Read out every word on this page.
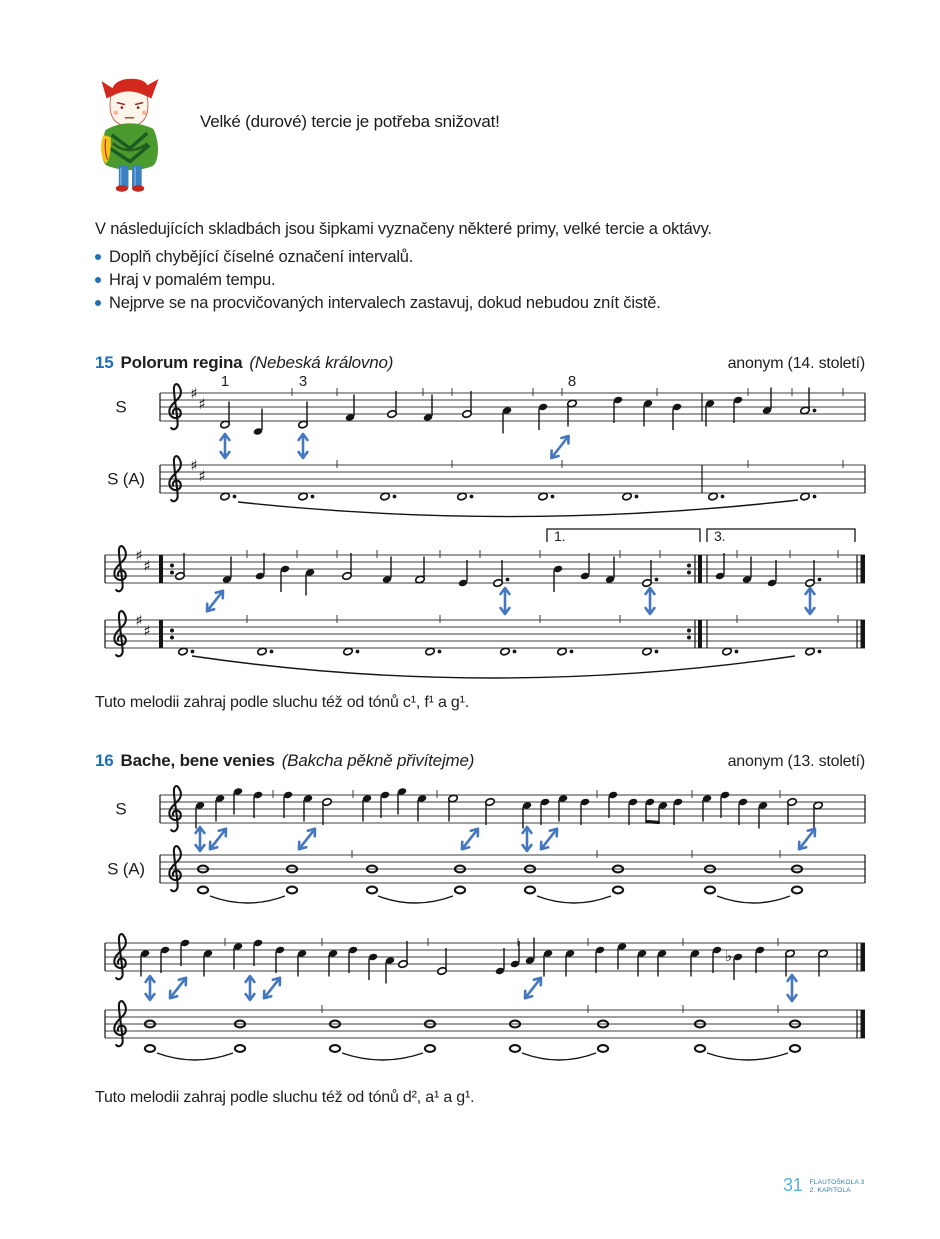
Velké (durové) tercie je potřeba snižovat!
V následujících skladbách jsou šipkami vyznačeny některé primy, velké tercie a oktávy.
Doplň chybějící číselné označení intervalů.
Hraj v pomalém tempu.
Nejprve se na procvičovaných intervalech zastavuj, dokud nebudou znít čistě.
15 Polorum regina (Nebeská královno)	anonym (14. století)
♯
♯
S
1	3	8
♯
♯
S (A)
♯
♯
♯
♯
1.	3.
Tuto melodii zahraj podle sluchu též od tónů c¹, f¹ a g¹.
16 Bache, bene venies (Bakcha pěkně přivítejme)	anonym (13. století)
S
S (A)
♭
Tuto melodii zahraj podle sluchu též od tónů d², a¹ a g¹.
31 FLAUTOŠKOLA 3
2. KAPITOLA
